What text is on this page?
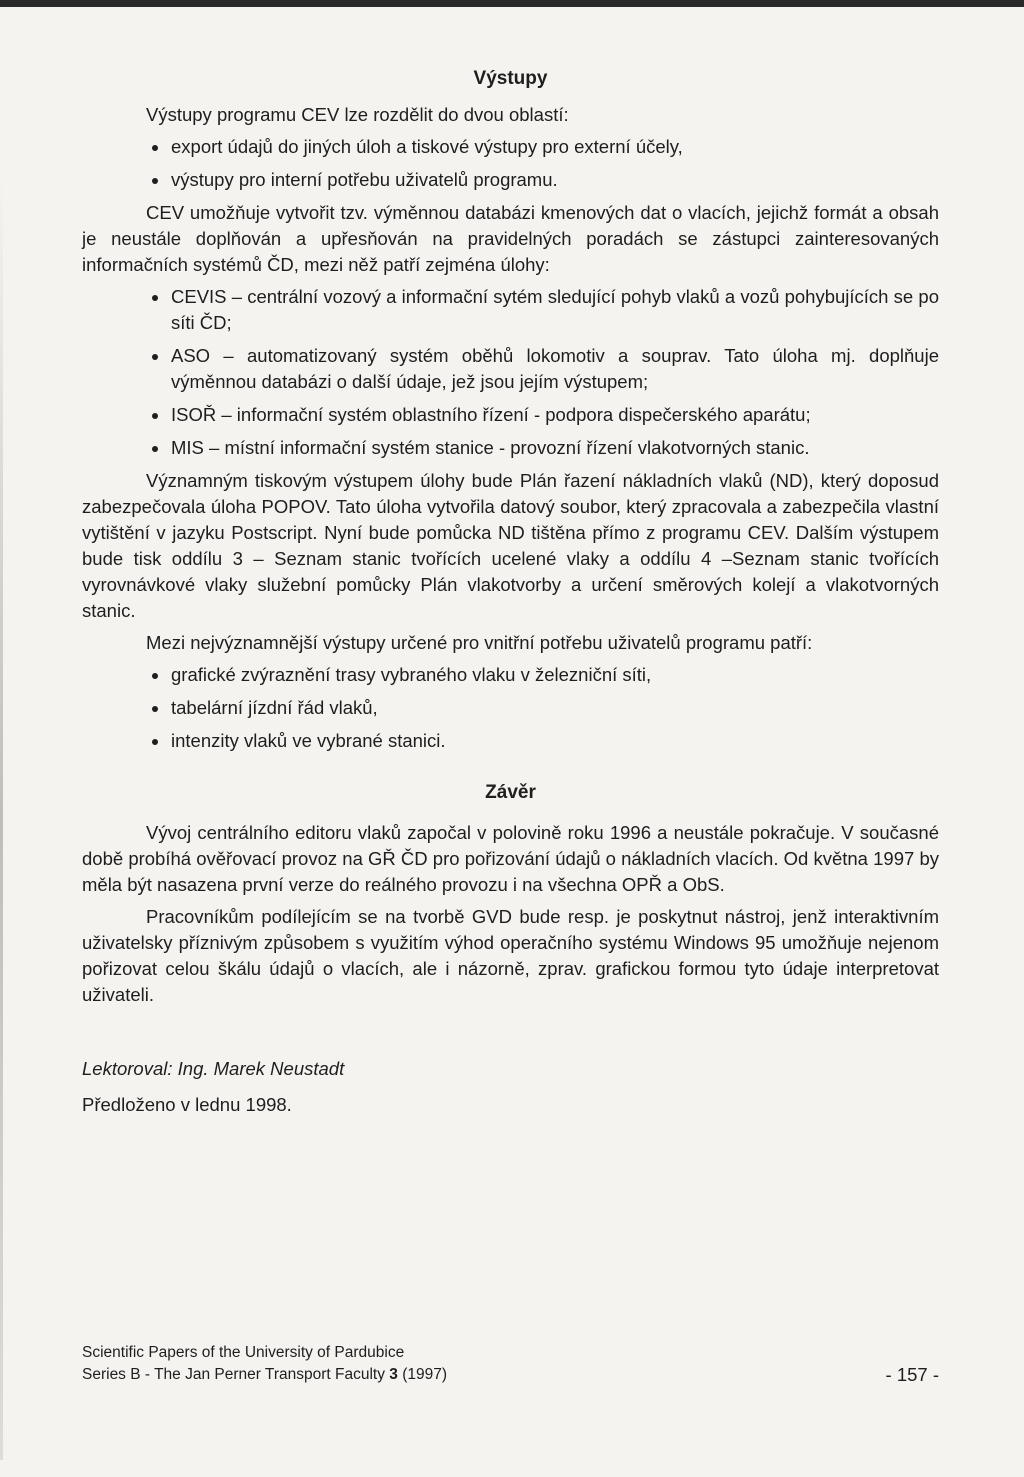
Výstupy

Výstupy programu CEV lze rozdělit do dvou oblastí:

export údajů do jiných úloh a tiskové výstupy pro externí účely,
výstupy pro interní potřebu uživatelů programu.

CEV umožňuje vytvořit tzv. výměnnou databázi kmenových dat o vlacích, jejichž formát a obsah je neustále doplňován a upřesňován na pravidelných poradách se zástupci zainteresovaných informačních systémů ČD, mezi něž patří zejména úlohy:

CEVIS – centrální vozový a informační sytém sledující pohyb vlaků a vozů pohybujících se po síti ČD;
ASO – automatizovaný systém oběhů lokomotiv a souprav. Tato úloha mj. doplňuje výměnnou databázi o další údaje, jež jsou jejím výstupem;
ISOŘ – informační systém oblastního řízení - podpora dispečerského aparátu;
MIS – místní informační systém stanice - provozní řízení vlakotvorných stanic.

Významným tiskovým výstupem úlohy bude Plán řazení nákladních vlaků (ND), který doposud zabezpečovala úloha POPOV. Tato úloha vytvořila datový soubor, který zpracovala a zabezpečila vlastní vytištění v jazyku Postscript. Nyní bude pomůcka ND tištěna přímo z programu CEV. Dalším výstupem bude tisk oddílu 3 – Seznam stanic tvořících ucelené vlaky a oddílu 4 –Seznam stanic tvořících vyrovnávkové vlaky služební pomůcky Plán vlakotvorby a určení směrových kolejí a vlakotvorných stanic.

Mezi nejvýznamnější výstupy určené pro vnitřní potřebu uživatelů programu patří:

grafické zvýraznění trasy vybraného vlaku v železniční síti,
tabelární jízdní řád vlaků,
intenzity vlaků ve vybrané stanici.
Závěr

Vývoj centrálního editoru vlaků započal v polovině roku 1996 a neustále pokračuje. V současné době probíhá ověřovací provoz na GŘ ČD pro pořizování údajů o nákladních vlacích. Od května 1997 by měla být nasazena první verze do reálného provozu i na všechna OPŘ a ObS.

Pracovníkům podílejícím se na tvorbě GVD bude resp. je poskytnut nástroj, jenž interaktivním uživatelsky příznivým způsobem s využitím výhod operačního systému Windows 95 umožňuje nejenom pořizovat celou škálu údajů o vlacích, ale i názorně, zprav. grafickou formou tyto údaje interpretovat uživateli.

Lektoroval: Ing. Marek Neustadt

Předloženo v lednu 1998.

Scientific Papers of the University of Pardubice
Series B - The Jan Perner Transport Faculty 3 (1997)	- 157 -
